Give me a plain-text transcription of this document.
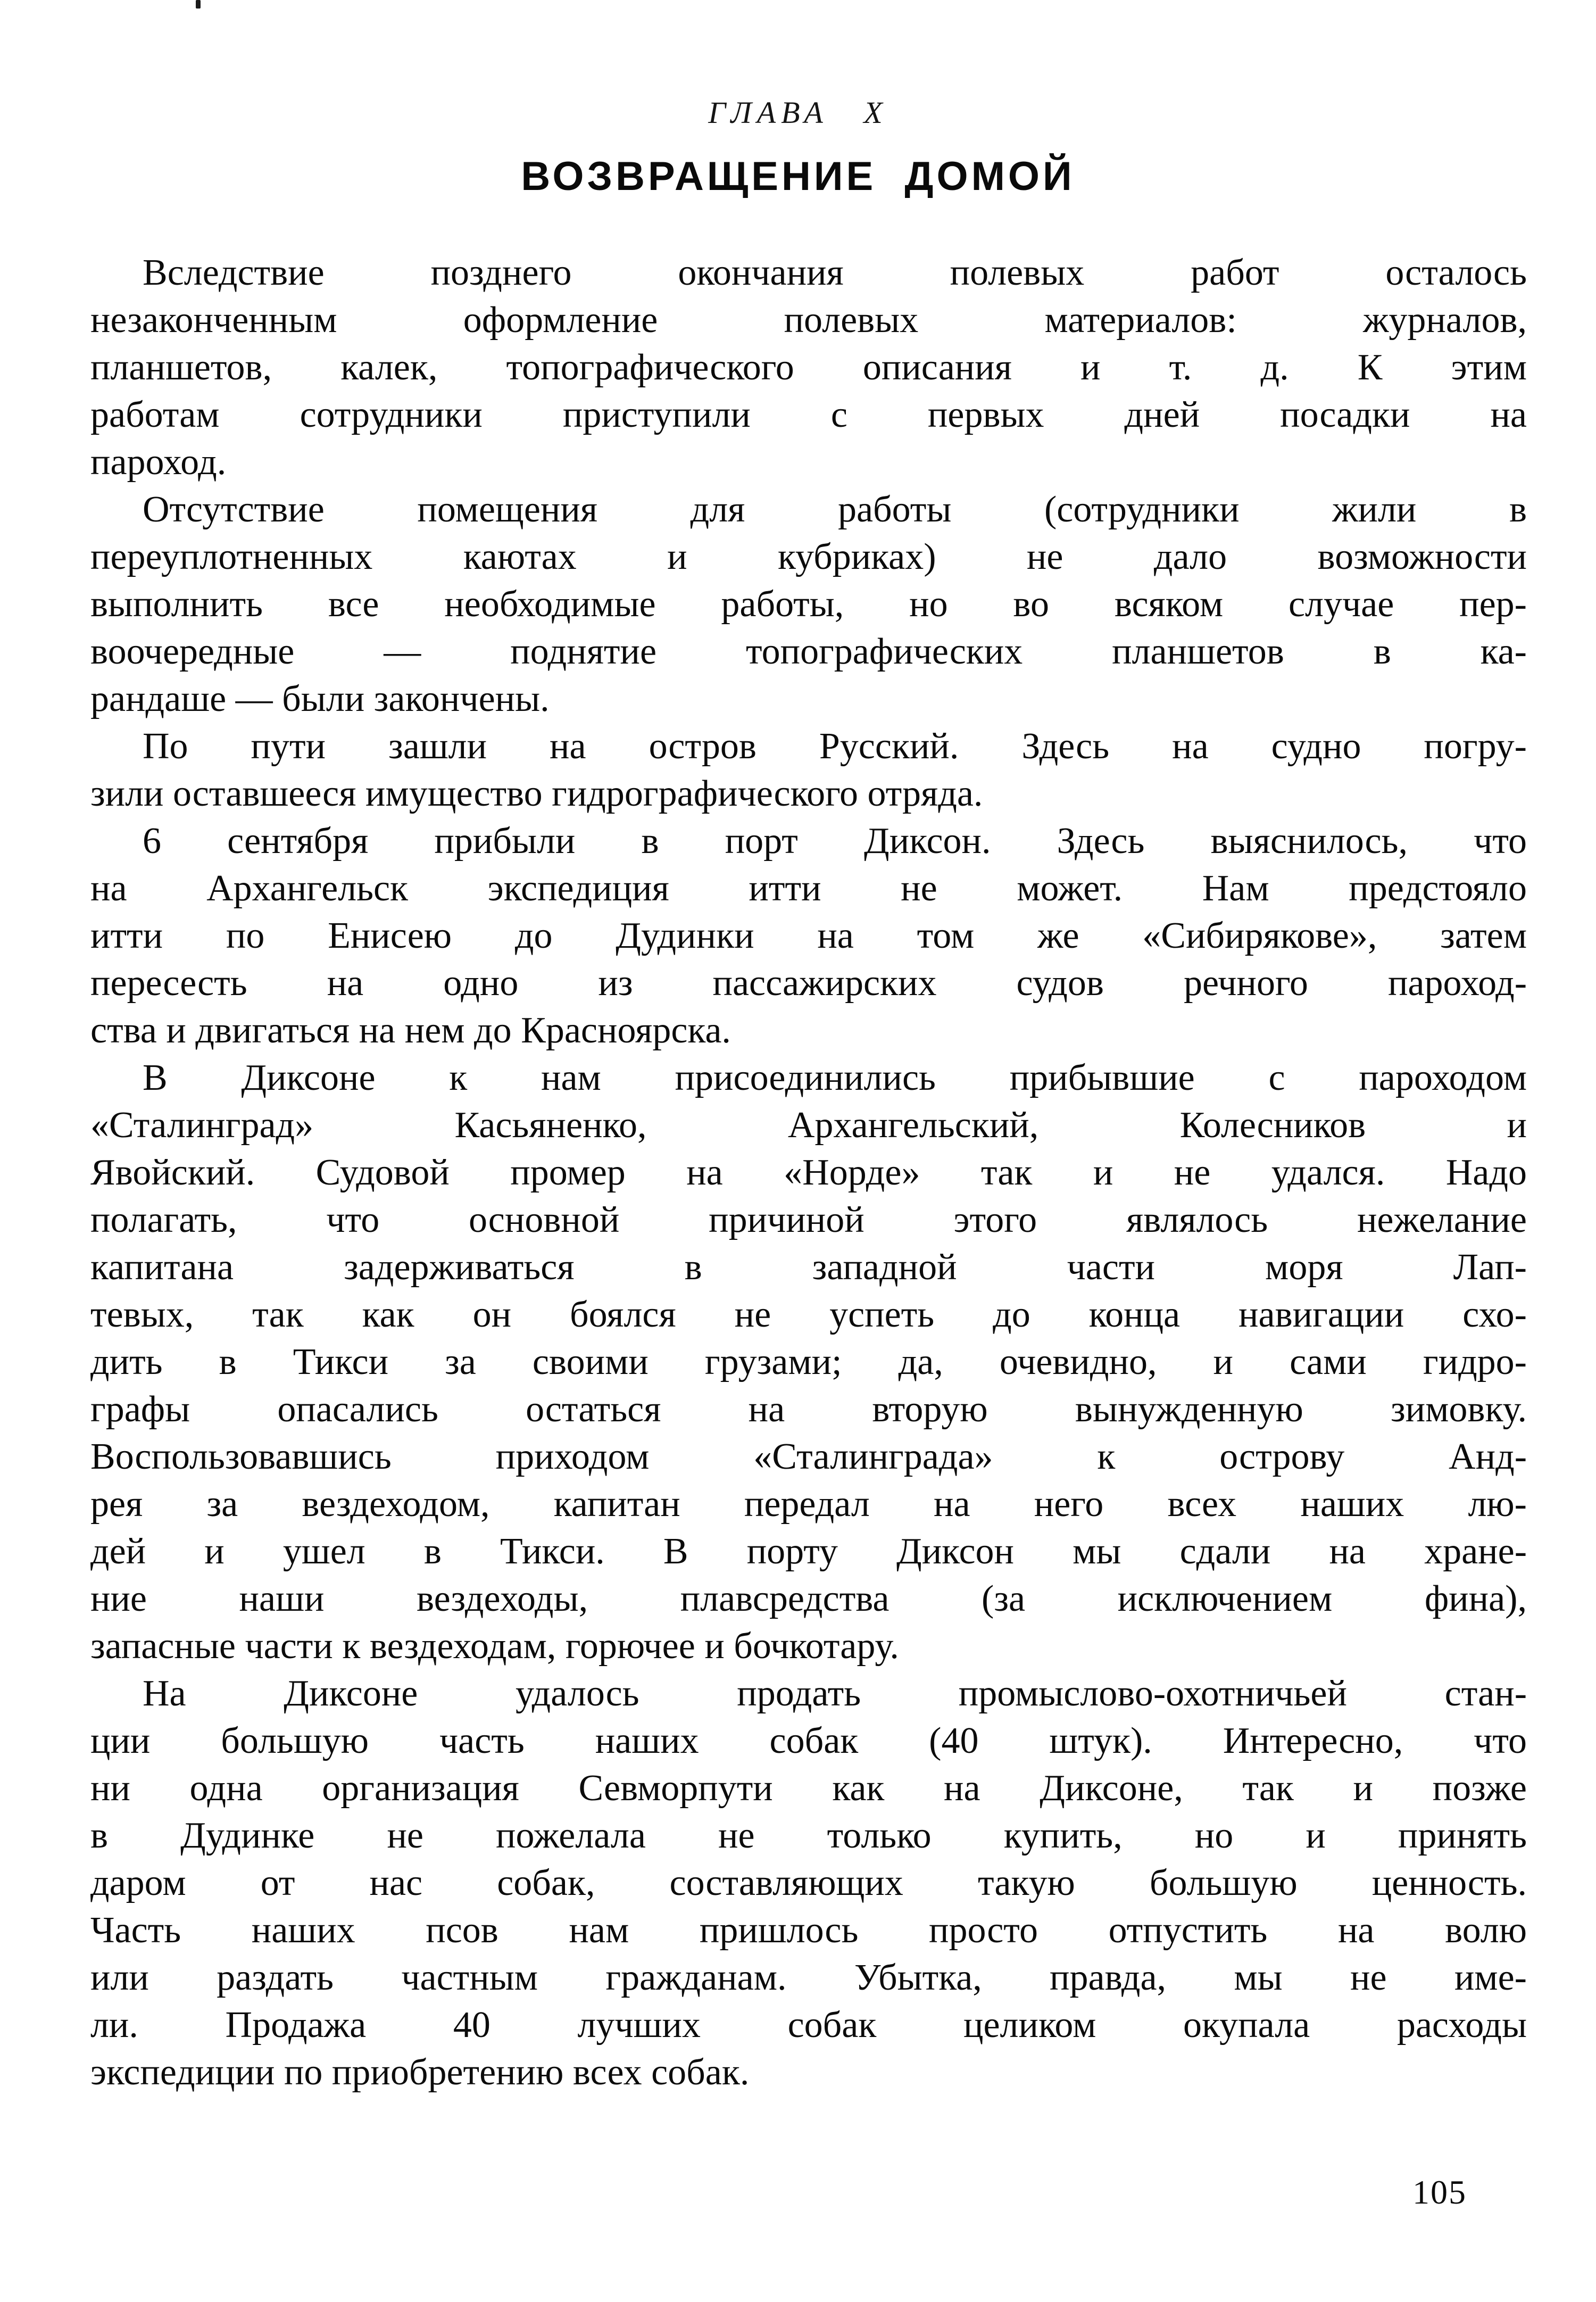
ГЛАВА X
ВОЗВРАЩЕНИЕ ДОМОЙ
Вследствие позднего окончания полевых работ осталось
незаконченным оформление полевых материалов: журналов,
планшетов, калек, топографического описания и т. д. К этим
работам сотрудники приступили с первых дней посадки на
пароход.
Отсутствие помещения для работы (сотрудники жили в
переуплотненных каютах и кубриках) не дало возможности
выполнить все необходимые работы, но во всяком случае пер-
воочередные — поднятие топографических планшетов в ка-
рандаше — были закончены.
По пути зашли на остров Русский. Здесь на судно погру-
зили оставшееся имущество гидрографического отряда.
6 сентября прибыли в порт Диксон. Здесь выяснилось, что
на Архангельск экспедиция итти не может. Нам предстояло
итти по Енисею до Дудинки на том же «Сибирякове», затем
пересесть на одно из пассажирских судов речного пароход-
ства и двигаться на нем до Красноярска.
В Диксоне к нам присоединились прибывшие с пароходом
«Сталинград» Касьяненко, Архангельский, Колесников и
Явойский. Судовой промер на «Норде» так и не удался. Надо
полагать, что основной причиной этого являлось нежелание
капитана задерживаться в западной части моря Лап-
тевых, так как он боялся не успеть до конца навигации схо-
дить в Тикси за своими грузами; да, очевидно, и сами гидро-
графы опасались остаться на вторую вынужденную зимовку.
Воспользовавшись приходом «Сталинграда» к острову Анд-
рея за вездеходом, капитан передал на него всех наших лю-
дей и ушел в Тикси. В порту Диксон мы сдали на хране-
ние наши вездеходы, плавсредства (за исключением фина),
запасные части к вездеходам, горючее и бочкотару.
На Диксоне удалось продать промыслово-охотничьей стан-
ции большую часть наших собак (40 штук). Интересно, что
ни одна организация Севморпути как на Диксоне, так и позже
в Дудинке не пожелала не только купить, но и принять
даром от нас собак, составляющих такую большую ценность.
Часть наших псов нам пришлось просто отпустить на волю
или раздать частным гражданам. Убытка, правда, мы не име-
ли. Продажа 40 лучших собак целиком окупала расходы
экспедиции по приобретению всех собак.
105
